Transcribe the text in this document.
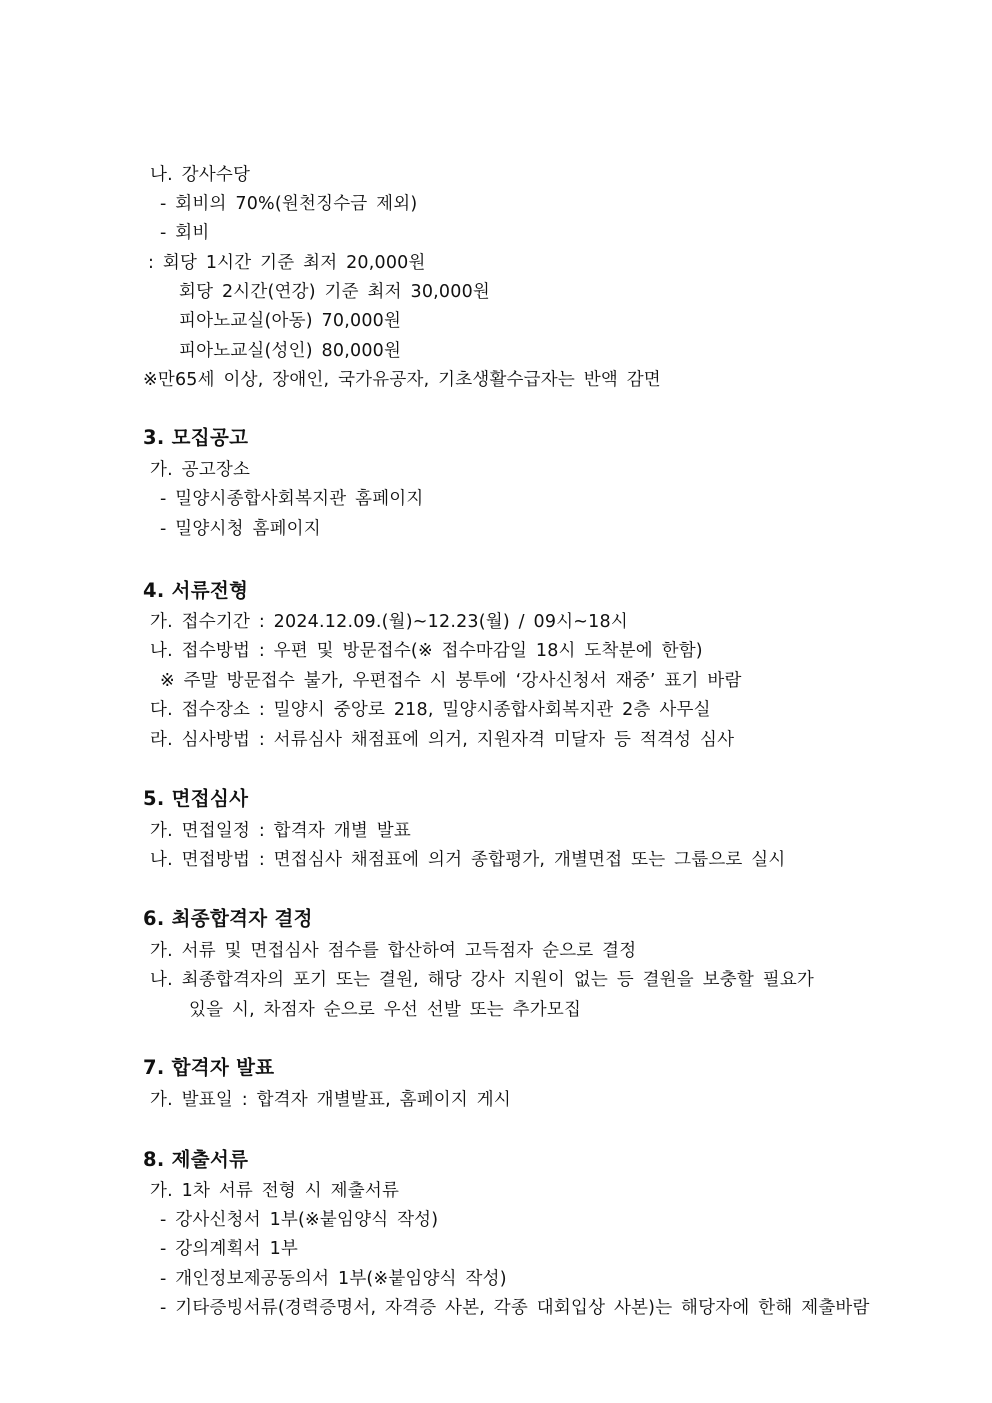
나. 강사수당
- 회비의 70%(원천징수금 제외)
- 회비
: 회당 1시간 기준 최저 20,000원
회당 2시간(연강) 기준 최저 30,000원
피아노교실(아동) 70,000원
피아노교실(성인) 80,000원
※만65세 이상, 장애인, 국가유공자, 기초생활수급자는 반액 감면
3. 모집공고
가. 공고장소
- 밀양시종합사회복지관 홈페이지
- 밀양시청 홈페이지
4. 서류전형
가. 접수기간 : 2024.12.09.(월)~12.23(월) / 09시~18시
나. 접수방법 : 우편 및 방문접수(※ 접수마감일 18시 도착분에 한함)
※ 주말 방문접수 불가, 우편접수 시 봉투에 ‘강사신청서 재중’ 표기 바람
다. 접수장소 : 밀양시 중앙로 218, 밀양시종합사회복지관 2층 사무실
라. 심사방법 : 서류심사 채점표에 의거, 지원자격 미달자 등 적격성 심사
5. 면접심사
가. 면접일정 : 합격자 개별 발표
나. 면접방법 : 면접심사 채점표에 의거 종합평가, 개별면접 또는 그룹으로 실시
6. 최종합격자 결정
가. 서류 및 면접심사 점수를 합산하여 고득점자 순으로 결정
나. 최종합격자의 포기 또는 결원, 해당 강사 지원이 없는 등 결원을 보충할 필요가
있을 시, 차점자 순으로 우선 선발 또는 추가모집
7. 합격자 발표
가. 발표일 : 합격자 개별발표, 홈페이지 게시
8. 제출서류
가. 1차 서류 전형 시 제출서류
- 강사신청서 1부(※붙임양식 작성)
- 강의계획서 1부
- 개인정보제공동의서 1부(※붙임양식 작성)
- 기타증빙서류(경력증명서, 자격증 사본, 각종 대회입상 사본)는 해당자에 한해 제출바람
